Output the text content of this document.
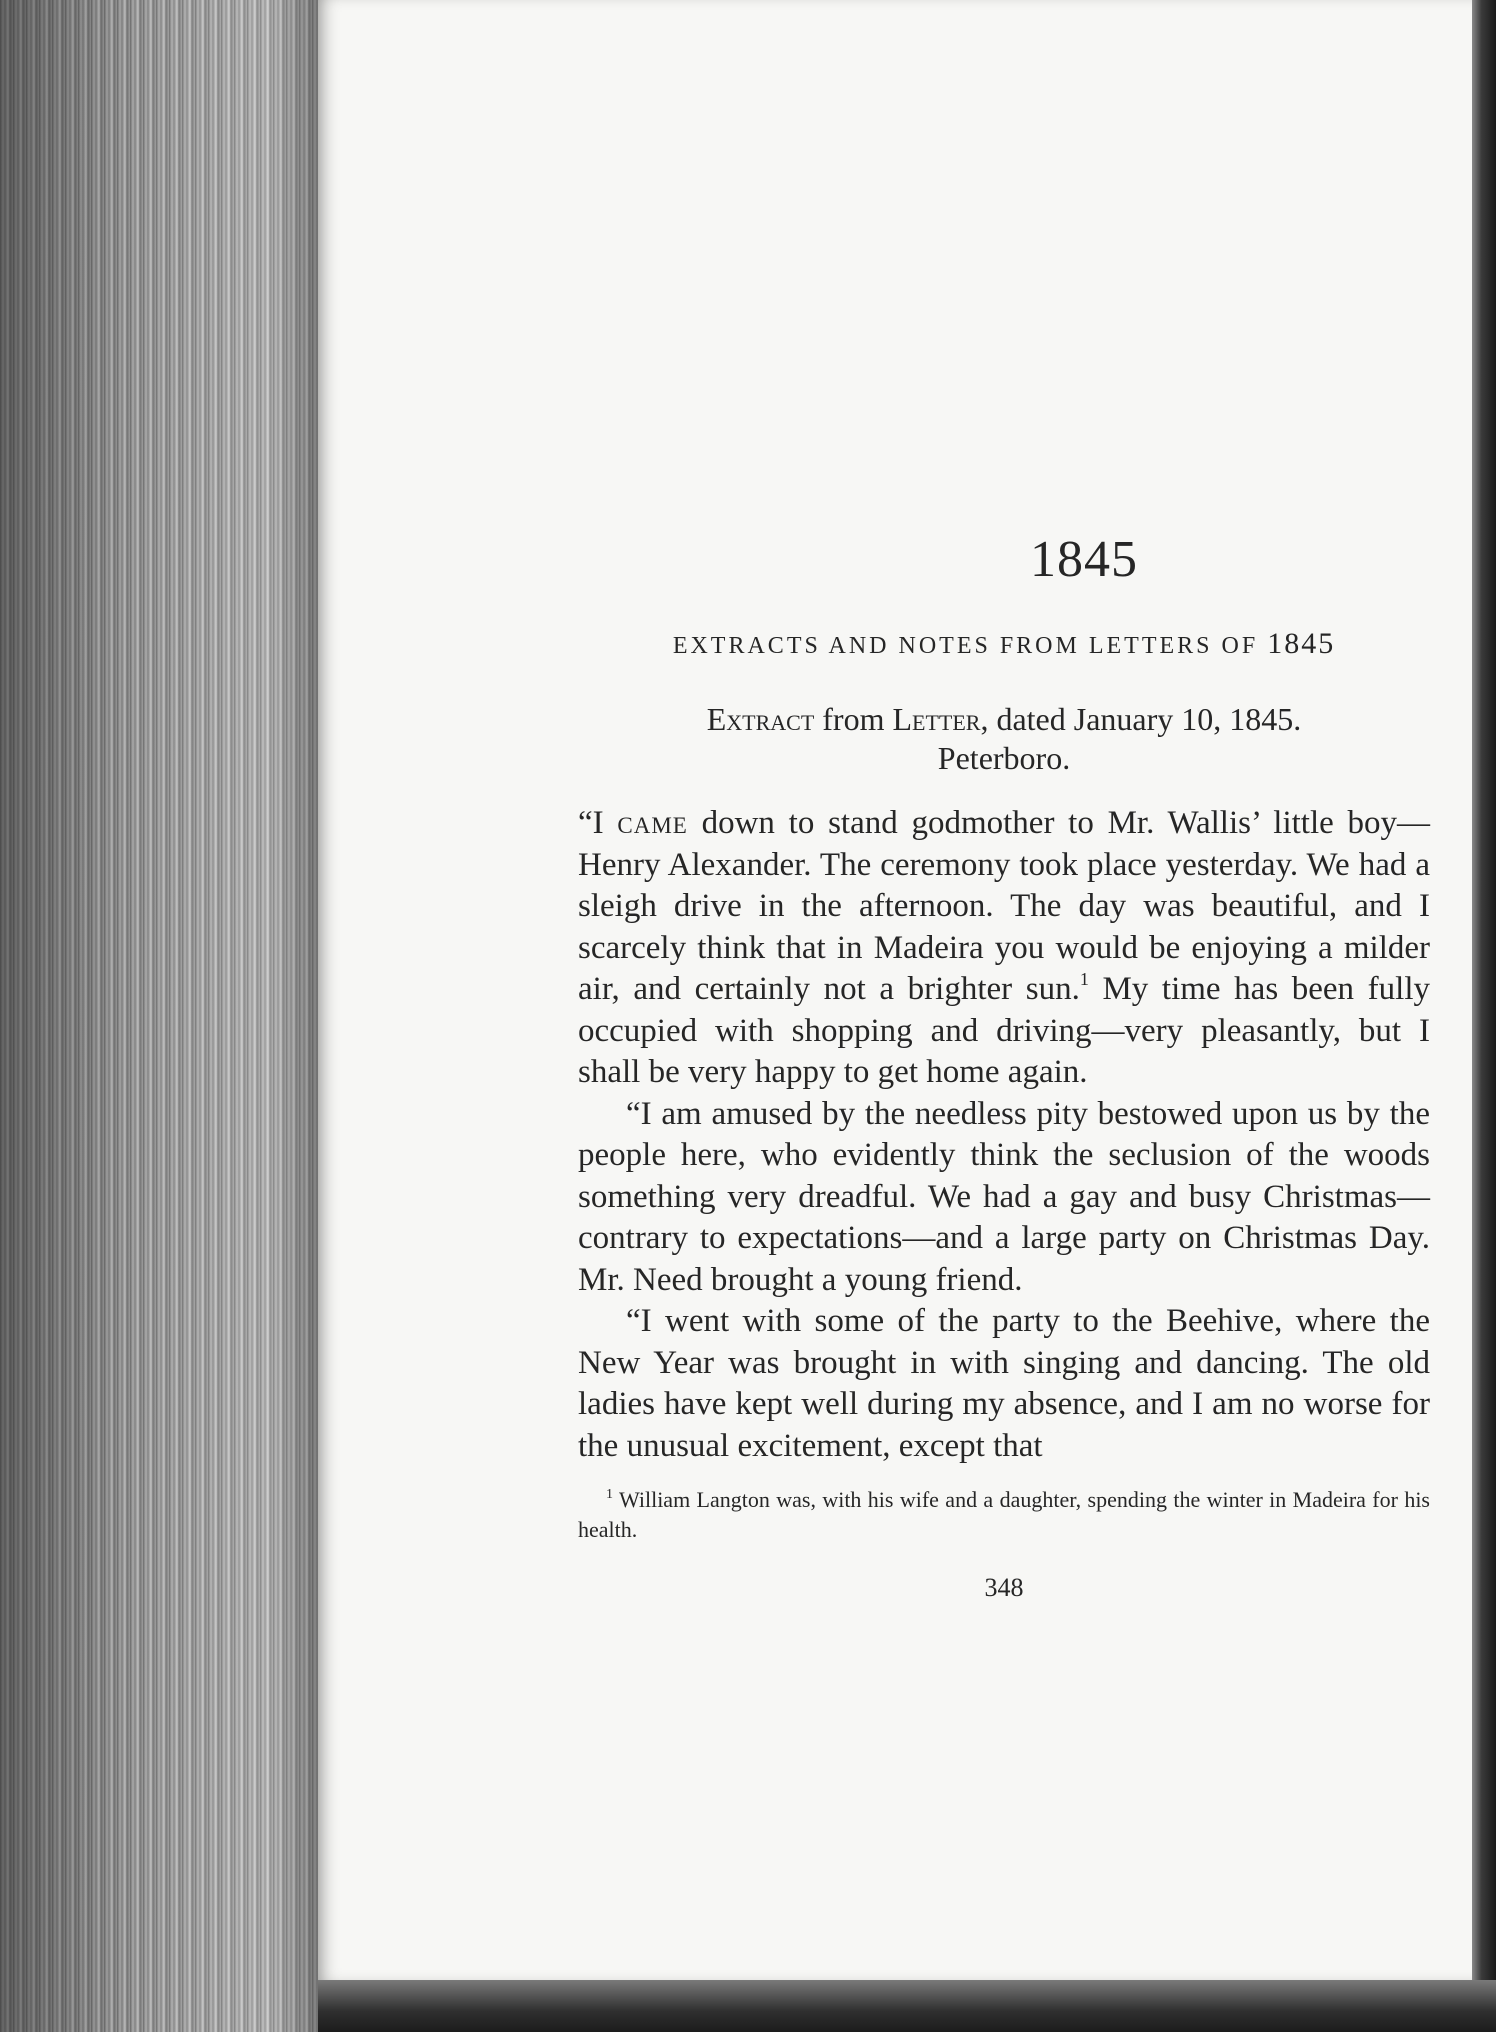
1845
EXTRACTS AND NOTES FROM LETTERS OF 1845
Extract from Letter, dated January 10, 1845.
Peterboro.

“I came down to stand godmother to Mr. Wallis’ little boy—Henry Alexander. The ceremony took place yesterday. We had a sleigh drive in the afternoon. The day was beautiful, and I scarcely think that in Madeira you would be enjoying a milder air, and certainly not a brighter sun.$^1$ My time has been fully occupied with shopping and driving—very pleasantly, but I shall be very happy to get home again.

“I am amused by the needless pity bestowed upon us by the people here, who evidently think the seclusion of the woods something very dreadful. We had a gay and busy Christmas—contrary to expectations—and a large party on Christmas Day. Mr. Need brought a young friend.

“I went with some of the party to the Beehive, where the New Year was brought in with singing and dancing. The old ladies have kept well during my absence, and I am no worse for the unusual excitement, except that

$^1$ William Langton was, with his wife and a daughter, spending the winter in Madeira for his health.

348
